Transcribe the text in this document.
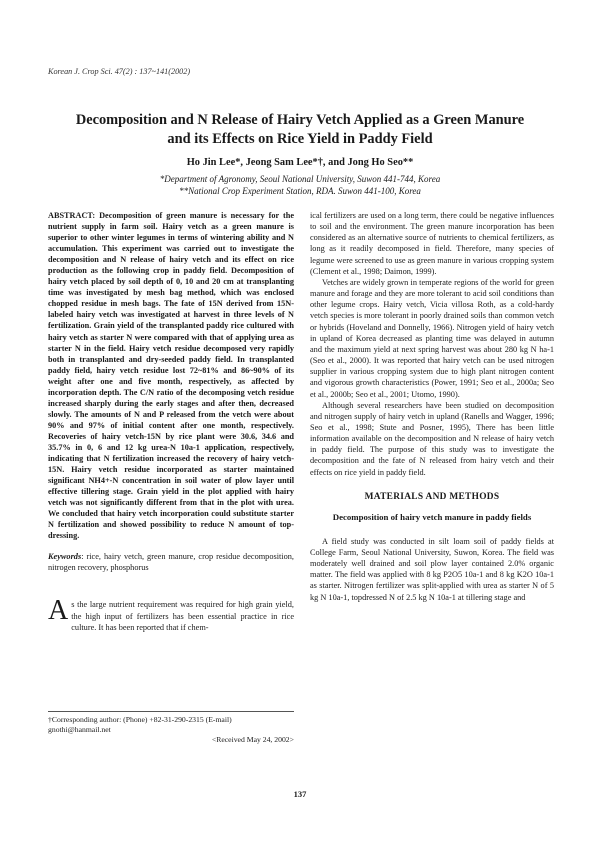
Korean J. Crop Sci. 47(2) : 137~141(2002)
Decomposition and N Release of Hairy Vetch Applied as a Green Manure
and its Effects on Rice Yield in Paddy Field
Ho Jin Lee*, Jeong Sam Lee*†, and Jong Ho Seo**
*Department of Agronomy, Seoul National University, Suwon 441-744, Korea
**National Crop Experiment Station, RDA. Suwon 441-100, Korea

ABSTRACT: Decomposition of green manure is necessary for the nutrient supply in farm soil. Hairy vetch as a green manure is superior to other winter legumes in terms of wintering ability and N accumulation. This experiment was carried out to investigate the decomposition and N release of hairy vetch and its effect on rice production as the following crop in paddy field. Decomposition of hairy vetch placed by soil depth of 0, 10 and 20 cm at transplanting time was investigated by mesh bag method, which was enclosed chopped residue in mesh bags. The fate of 15N derived from 15N-labeled hairy vetch was investigated at harvest in three levels of N fertilization. Grain yield of the transplanted paddy rice cultured with hairy vetch as starter N were compared with that of applying urea as starter N in the field. Hairy vetch residue decomposed very rapidly both in transplanted and dry-seeded paddy field. In transplanted paddy field, hairy vetch residue lost 72~81% and 86~90% of its weight after one and five month, respectively, as affected by incorporation depth. The C/N ratio of the decomposing vetch residue increased sharply during the early stages and after then, decreased slowly. The amounts of N and P released from the vetch were about 90% and 97% of initial content after one month, respectively. Recoveries of hairy vetch-15N by rice plant were 30.6, 34.6 and 35.7% in 0, 6 and 12 kg urea-N 10a-1 application, respectively, indicating that N fertilization increased the recovery of hairy vetch-15N. Hairy vetch residue incorporated as starter maintained significant NH4+-N concentration in soil water of plow layer until effective tillering stage. Grain yield in the plot applied with hairy vetch was not significantly different from that in the plot with urea. We concluded that hairy vetch incorporation could substitute starter N fertilization and showed possibility to reduce N amount of top-dressing.

Keywords: rice, hairy vetch, green manure, crop residue decomposition, nitrogen recovery, phosphorus

As the large nutrient requirement was required for high grain yield, the high input of fertilizers has been essential practice in rice culture. It has been reported that if chem-

†Corresponding author: (Phone) +82-31-290-2315 (E-mail) gnothi@hanmail.net
<Received May 24, 2002>

ical fertilizers are used on a long term, there could be negative influences to soil and the environment. The green manure incorporation has been considered as an alternative source of nutrients to chemical fertilizers, as long as it readily decomposed in field. Therefore, many species of legume were screened to use as green manure in various cropping system (Clement et al., 1998; Daimon, 1999).

Vetches are widely grown in temperate regions of the world for green manure and forage and they are more tolerant to acid soil conditions than other legume crops. Hairy vetch, Vicia villosa Roth, as a cold-hardy vetch species is more tolerant in poorly drained soils than common vetch or hybrids (Hoveland and Donnelly, 1966). Nitrogen yield of hairy vetch in upland of Korea decreased as planting time was delayed in autumn and the maximum yield at next spring harvest was about 280 kg N ha-1 (Seo et al., 2000). It was reported that hairy vetch can be used nitrogen supplier in various cropping system due to high plant nitrogen content and vigorous growth characteristics (Power, 1991; Seo et al., 2000a; Seo et al., 2000b; Seo et al., 2001; Utomo, 1990).

Although several researchers have been studied on decomposition and nitrogen supply of hairy vetch in upland (Ranells and Wagger, 1996; Seo et al., 1998; Stute and Posner, 1995), There has been little information available on the decomposition and N release of hairy vetch in paddy field. The purpose of this study was to investigate the decomposition and the fate of N released from hairy vetch and their effects on rice yield in paddy field.

MATERIALS AND METHODS
Decomposition of hairy vetch manure in paddy fields

A field study was conducted in silt loam soil of paddy fields at College Farm, Seoul National University, Suwon, Korea. The field was moderately well drained and soil plow layer contained 2.0% organic matter. The field was applied with 8 kg P2O5 10a-1 and 8 kg K2O 10a-1 as starter. Nitrogen fertilizer was split-applied with urea as starter N of 5 kg N 10a-1, topdressed N of 2.5 kg N 10a-1 at tillering stage and

137
